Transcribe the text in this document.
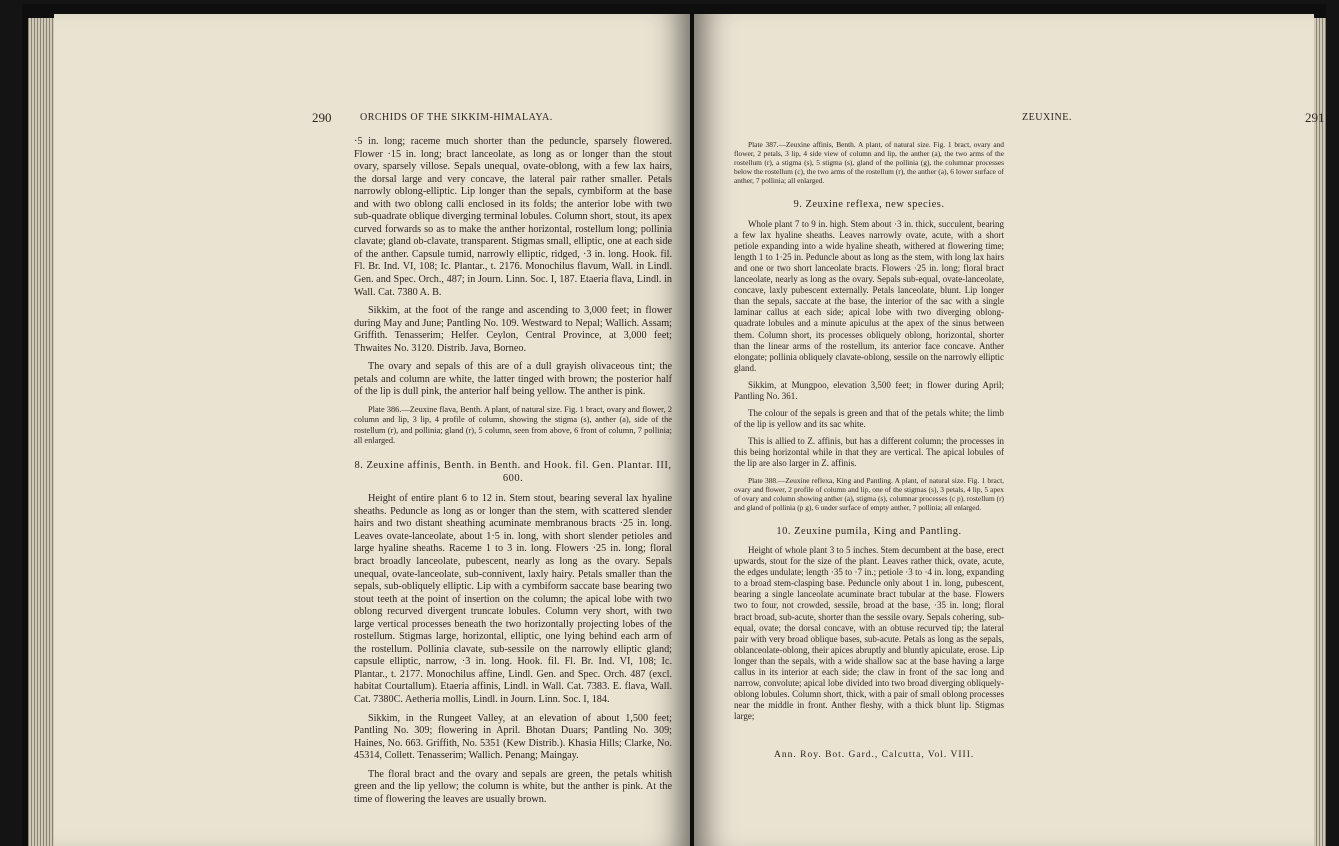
290	ORCHIDS OF THE SIKKIM-HIMALAYA.

·5 in. long; raceme much shorter than the peduncle, sparsely flowered. Flower ·15 in. long; bract lanceolate, as long as or longer than the stout ovary, sparsely villose. Sepals unequal, ovate-oblong, with a few lax hairs, the dorsal large and very concave, the lateral pair rather smaller. Petals narrowly oblong-elliptic. Lip longer than the sepals, cymbiform at the base and with two oblong calli enclosed in its folds; the anterior lobe with two sub-quadrate oblique diverging terminal lobules. Column short, stout, its apex curved forwards so as to make the anther horizontal, rostellum long; pollinia clavate; gland ob-clavate, transparent. Stigmas small, elliptic, one at each side of the anther. Capsule tumid, narrowly elliptic, ridged, ·3 in. long. Hook. fil. Fl. Br. Ind. VI, 108; Ic. Plantar., t. 2176. Monochilus flavum, Wall. in Lindl. Gen. and Spec. Orch., 487; in Journ. Linn. Soc. I, 187. Etaeria flava, Lindl. in Wall. Cat. 7380 A. B.

Sikkim, at the foot of the range and ascending to 3,000 feet; in flower during May and June; Pantling No. 109. Westward to Nepal; Wallich. Assam; Griffith. Tenasserim; Helfer. Ceylon, Central Province, at 3,000 feet; Thwaites No. 3120. Distrib. Java, Borneo.

The ovary and sepals of this are of a dull grayish olivaceous tint; the petals and column are white, the latter tinged with brown; the posterior half of the lip is dull pink, the anterior half being yellow. The anther is pink.

Plate 386.—Zeuxine flava, Benth. A plant, of natural size. Fig. 1 bract, ovary and flower, 2 column and lip, 3 lip, 4 profile of column, showing the stigma (s), anther (a), side of the rostellum (r), and pollinia; gland (r), 5 column, seen from above, 6 front of column, 7 pollinia; all enlarged.

8. Zeuxine affinis, Benth. in Benth. and Hook. fil. Gen. Plantar. III, 600.

Height of entire plant 6 to 12 in. Stem stout, bearing several lax hyaline sheaths. Peduncle as long as or longer than the stem, with scattered slender hairs and two distant sheathing acuminate membranous bracts ·25 in. long. Leaves ovate-lanceolate, about 1·5 in. long, with short slender petioles and large hyaline sheaths. Raceme 1 to 3 in. long. Flowers ·25 in. long; floral bract broadly lanceolate, pubescent, nearly as long as the ovary. Sepals unequal, ovate-lanceolate, sub-connivent, laxly hairy. Petals smaller than the sepals, sub-obliquely elliptic. Lip with a cymbiform saccate base bearing two stout teeth at the point of insertion on the column; the apical lobe with two oblong recurved divergent truncate lobules. Column very short, with two large vertical processes beneath the two horizontally projecting lobes of the rostellum. Stigmas large, horizontal, elliptic, one lying behind each arm of the rostellum. Pollinia clavate, sub-sessile on the narrowly elliptic gland; capsule elliptic, narrow, ·3 in. long. Hook. fil. Fl. Br. Ind. VI, 108; Ic. Plantar., t. 2177. Monochilus affine, Lindl. Gen. and Spec. Orch. 487 (excl. habitat Courtallum). Etaeria affinis, Lindl. in Wall. Cat. 7383. E. flava, Wall. Cat. 7380C. Aetheria mollis, Lindl. in Journ. Linn. Soc. I, 184.

Sikkim, in the Rungeet Valley, at an elevation of about 1,500 feet; Pantling No. 309; flowering in April. Bhotan Duars; Pantling No. 309; Haines, No. 663. Griffith, No. 5351 (Kew Distrib.). Khasia Hills; Clarke, No. 45314, Collett. Tenasserim; Wallich. Penang; Maingay.

The floral bract and the ovary and sepals are green, the petals whitish green and the lip yellow; the column is white, but the anther is pink. At the time of flowering the leaves are usually brown.

ZEUXINE.	291

Plate 387.—Zeuxine affinis, Benth. A plant, of natural size. Fig. 1 bract, ovary and flower, 2 petals, 3 lip, 4 side view of column and lip, the anther (a), the two arms of the rostellum (r), a stigma (s), 5 stigma (s), gland of the pollinia (g), the columnar processes below the rostellum (c), the two arms of the rostellum (r), the anther (a), 6 lower surface of anther, 7 pollinia; all enlarged.

9. Zeuxine reflexa, new species.

Whole plant 7 to 9 in. high. Stem about ·3 in. thick, succulent, bearing a few lax hyaline sheaths. Leaves narrowly ovate, acute, with a short petiole expanding into a wide hyaline sheath, withered at flowering time; length 1 to 1·25 in. Peduncle about as long as the stem, with long lax hairs and one or two short lanceolate bracts. Flowers ·25 in. long; floral bract lanceolate, nearly as long as the ovary. Sepals sub-equal, ovate-lanceolate, concave, laxly pubescent externally. Petals lanceolate, blunt. Lip longer than the sepals, saccate at the base, the interior of the sac with a single laminar callus at each side; apical lobe with two diverging oblong-quadrate lobules and a minute apiculus at the apex of the sinus between them. Column short, its processes obliquely oblong, horizontal, shorter than the linear arms of the rostellum, its anterior face concave. Anther elongate; pollinia obliquely clavate-oblong, sessile on the narrowly elliptic gland.

Sikkim, at Mungpoo, elevation 3,500 feet; in flower during April; Pantling No. 361.

The colour of the sepals is green and that of the petals white; the limb of the lip is yellow and its sac white.

This is allied to Z. affinis, but has a different column; the processes in this being horizontal while in that they are vertical. The apical lobules of the lip are also larger in Z. affinis.

Plate 388.—Zeuxine reflexa, King and Pantling. A plant, of natural size. Fig. 1 bract, ovary and flower, 2 profile of column and lip, one of the stigmas (s), 3 petals, 4 lip, 5 apex of ovary and column showing anther (a), stigma (s), columnar processes (c p), rostellum (r) and gland of pollinia (p g), 6 under surface of empty anther, 7 pollinia; all enlarged.

10. Zeuxine pumila, King and Pantling.

Height of whole plant 3 to 5 inches. Stem decumbent at the base, erect upwards, stout for the size of the plant. Leaves rather thick, ovate, acute, the edges undulate; length ·35 to ·7 in.; petiole ·3 to ·4 in. long, expanding to a broad stem-clasping base. Peduncle only about 1 in. long, pubescent, bearing a single lanceolate acuminate bract tubular at the base. Flowers two to four, not crowded, sessile, broad at the base, ·35 in. long; floral bract broad, sub-acute, shorter than the sessile ovary. Sepals cohering, sub-equal, ovate; the dorsal concave, with an obtuse recurved tip; the lateral pair with very broad oblique bases, sub-acute. Petals as long as the sepals, oblanceolate-oblong, their apices abruptly and bluntly apiculate, erose. Lip longer than the sepals, with a wide shallow sac at the base having a large callus in its interior at each side; the claw in front of the sac long and narrow, convolute; apical lobe divided into two broad diverging obliquely-oblong lobules. Column short, thick, with a pair of small oblong processes near the middle in front. Anther fleshy, with a thick blunt lip. Stigmas large;

Ann. Roy. Bot. Gard., Calcutta, Vol. VIII.
